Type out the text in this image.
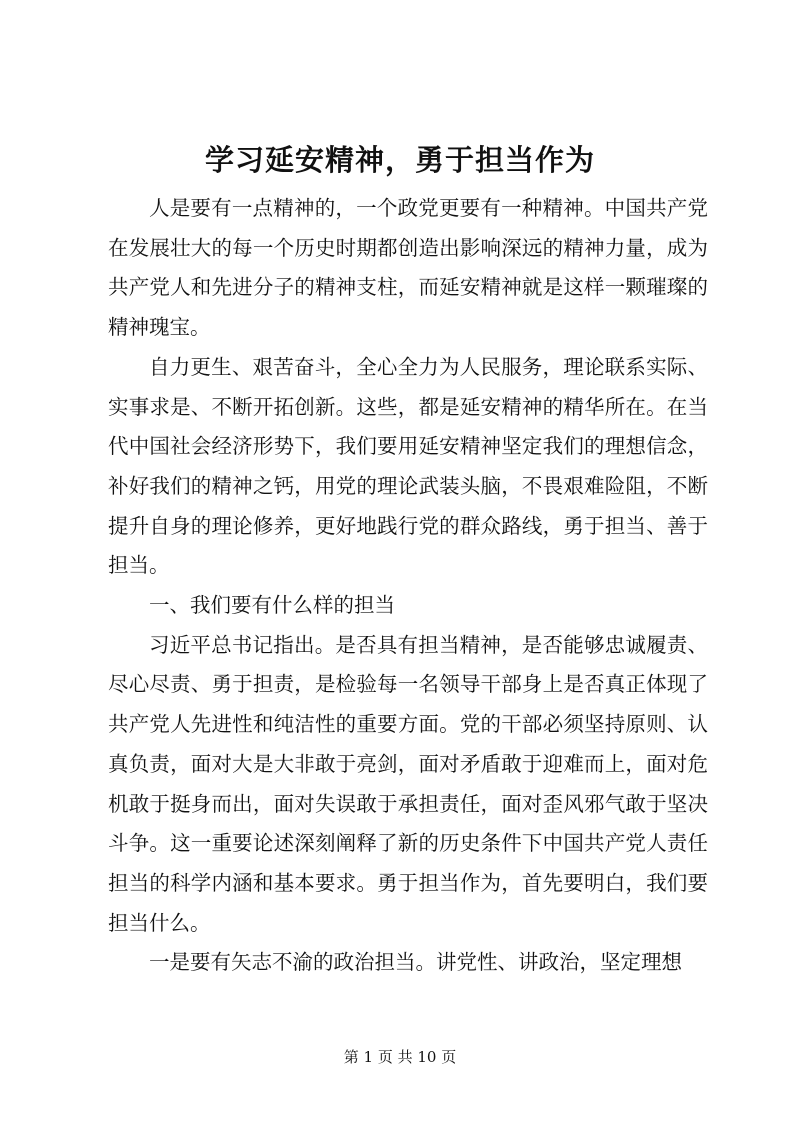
学习延安精神，勇于担当作为

人是要有一点精神的，一个政党更要有一种精神。中国共产党在发展壮大的每一个历史时期都创造出影响深远的精神力量，成为共产党人和先进分子的精神支柱，而延安精神就是这样一颗璀璨的精神瑰宝。

自力更生、艰苦奋斗，全心全力为人民服务，理论联系实际、实事求是、不断开拓创新。这些，都是延安精神的精华所在。在当代中国社会经济形势下，我们要用延安精神坚定我们的理想信念，补好我们的精神之钙，用党的理论武装头脑，不畏艰难险阻，不断提升自身的理论修养，更好地践行党的群众路线，勇于担当、善于担当。

一、我们要有什么样的担当

习近平总书记指出。是否具有担当精神，是否能够忠诚履责、尽心尽责、勇于担责，是检验每一名领导干部身上是否真正体现了共产党人先进性和纯洁性的重要方面。党的干部必须坚持原则、认真负责，面对大是大非敢于亮剑，面对矛盾敢于迎难而上，面对危机敢于挺身而出，面对失误敢于承担责任，面对歪风邪气敢于坚决斗争。这一重要论述深刻阐释了新的历史条件下中国共产党人责任担当的科学内涵和基本要求。勇于担当作为，首先要明白，我们要担当什么。

一是要有矢志不渝的政治担当。讲党性、讲政治，坚定理想

第 1 页 共 10 页
